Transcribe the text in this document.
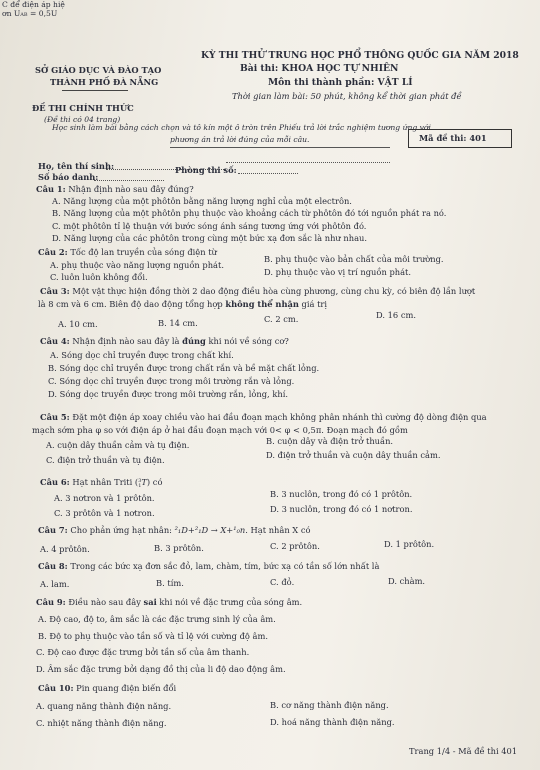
C để điện áp hiệ
ơn UAB = 0,5U
SỞ GIÁO DỤC VÀ ĐÀO TẠO
THÀNH PHỐ ĐÀ NẴNG
KỲ THI THỬ TRUNG HỌC PHỔ THÔNG QUỐC GIA NĂM 2018
Bài thi: KHOA HỌC TỰ NHIÊN
Môn thi thành phần: VẬT LÍ
Thời gian làm bài: 50 phút, không kể thời gian phát đề
ĐỀ THI CHÍNH THỨC
(Đề thi có 04 trang)
Học sinh làm bài bằng cách chọn và tô kín một ô tròn trên Phiếu trả lời trắc nghiệm tương ứng với
phương án trả lời đúng của mỗi câu.	Mã đề thi: 401
Họ, tên thí sinh:
Số báo danh:
Phòng thi số:
Câu 1: Nhận định nào sau đây đúng?
A. Năng lượng của một phôtôn bằng năng lượng nghỉ của một electrôn.
B. Năng lượng của một phôtôn phụ thuộc vào khoảng cách từ phôtôn đó tới nguồn phát ra nó.
C. một phôtôn tỉ lệ thuận với bước sóng ánh sáng tương ứng với phôtôn đó.
D. Năng lượng của các phôtôn trong cùng một bức xạ đơn sắc là như nhau.
Câu 2: Tốc độ lan truyền của sóng điện từ
A. phụ thuộc vào năng lượng nguồn phát.
B. phụ thuộc vào bản chất của môi trường.
C. luôn luôn không đổi.	D. phụ thuộc vào vị trí nguồn phát.
Câu 3: Một vật thực hiện đồng thời 2 dao động điều hòa cùng phương, cùng chu kỳ, có biên độ lần lượt
là 8 cm và 6 cm. Biên độ dao động tổng hợp không thể nhận giá trị
A. 10 cm.	B. 14 cm.	C. 2 cm.	D. 16 cm.
Câu 4: Nhận định nào sau đây là đúng khi nói về sóng cơ?
A. Sóng dọc chỉ truyền được trong chất khí.
B. Sóng dọc chỉ truyền được trong chất rắn và bề mặt chất lỏng.
C. Sóng dọc chỉ truyền được trong môi trường rắn và lỏng.
D. Sóng dọc truyền được trong môi trường rắn, lỏng, khí.
Câu 5: Đặt một điện áp xoay chiều vào hai đầu đoạn mạch không phân nhánh thì cường độ dòng điện qua
mạch sớm pha φ so với điện áp ở hai đầu đoạn mạch với 0< φ < 0,5π. Đoạn mạch đó gồm
A. cuộn dây thuần cảm và tụ điện.	B. cuộn dây và điện trở thuần.
C. điện trở thuần và tụ điện.	D. điện trở thuần và cuộn dây thuần cảm.
Câu 6: Hạt nhân Triti (3
1T) có
A. 3 nơtron và 1 prôtôn.	B. 3 nuclôn, trong đó có 1 prôtôn.
C. 3 prôtôn và 1 nơtron.	D. 3 nuclôn, trong đó có 1 nơtron.
Câu 7: Cho phản ứng hạt nhân: ²₁D+²₁D → X+¹₀n. Hạt nhân X có
A. 4 prôtôn.	B. 3 prôtôn.	C. 2 prôtôn.	D. 1 prôtôn.
Câu 8: Trong các bức xạ đơn sắc đỏ, lam, chàm, tím, bức xạ có tần số lớn nhất là
A. lam.	B. tím.	C. đỏ.	D. chàm.
Câu 9: Điều nào sau đây sai khi nói về đặc trưng của sóng âm.
A. Độ cao, độ to, âm sắc là các đặc trưng sinh lý của âm.
B. Độ to phụ thuộc vào tần số và tỉ lệ với cường độ âm.
C. Độ cao được đặc trưng bởi tần số của âm thanh.
D. Âm sắc đặc trưng bởi dạng đồ thị của li độ dao động âm.
Câu 10: Pin quang điện biến đổi
A. quang năng thành điện năng.	B. cơ năng thành điện năng.
C. nhiệt năng thành điện năng.	D. hoá năng thành điện năng.
Trang 1/4 - Mã đề thi 401
